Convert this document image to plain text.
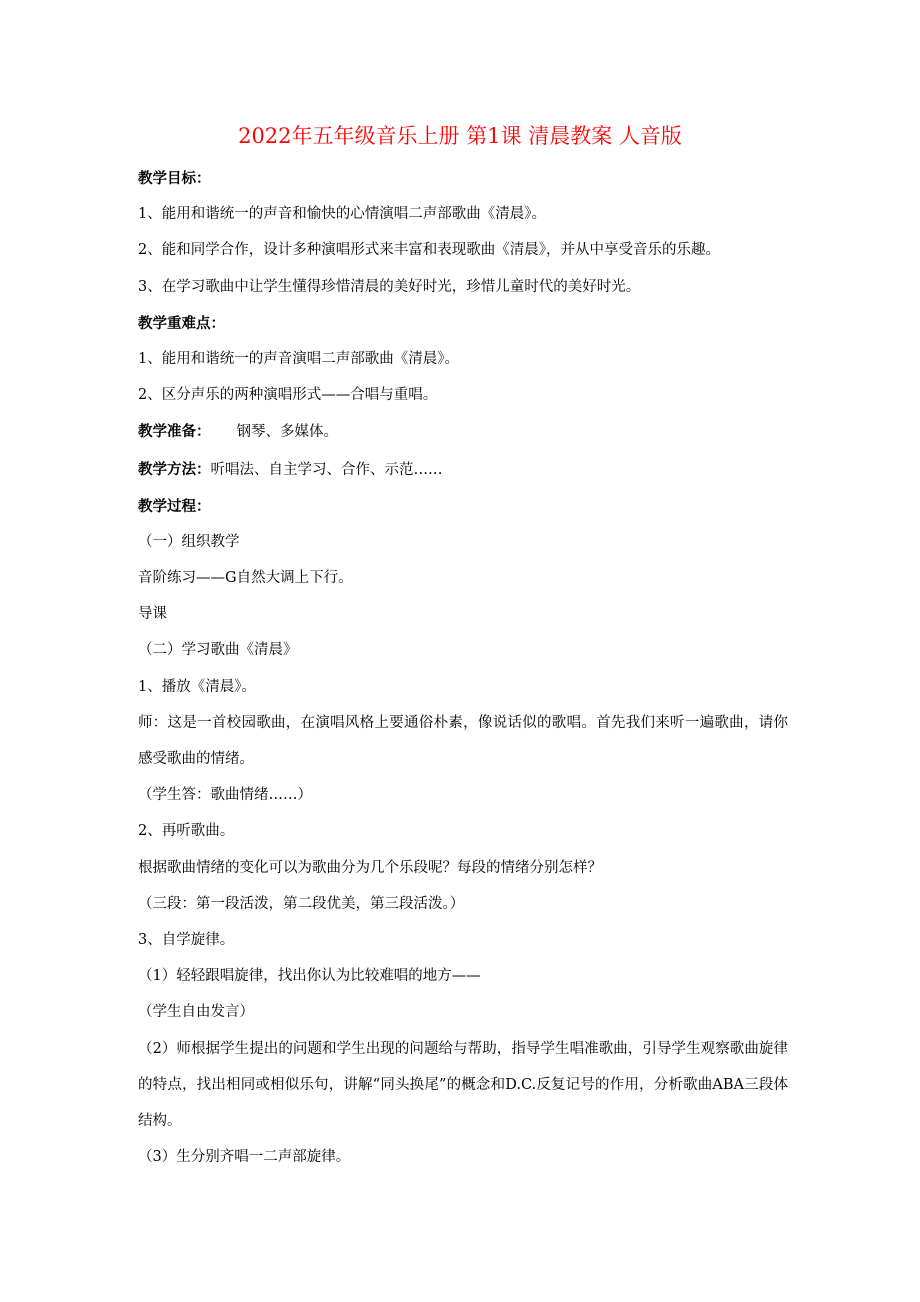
2022年五年级音乐上册 第1课 清晨教案 人音版
教学目标：
1、能用和谐统一的声音和愉快的心情演唱二声部歌曲《清晨》。
2、能和同学合作，设计多种演唱形式来丰富和表现歌曲《清晨》，并从中享受音乐的乐趣。
3、在学习歌曲中让学生懂得珍惜清晨的美好时光，珍惜儿童时代的美好时光。
教学重难点：
1、能用和谐统一的声音演唱二声部歌曲《清晨》。
2、区分声乐的两种演唱形式——合唱与重唱。
教学准备： 钢琴、多媒体。
教学方法：听唱法、自主学习、合作、示范……
教学过程：
（一）组织教学
音阶练习——G自然大调上下行。
导课
（二）学习歌曲《清晨》
1、播放《清晨》。
师：这是一首校园歌曲，在演唱风格上要通俗朴素，像说话似的歌唱。首先我们来听一遍歌曲，请你感受歌曲的情绪。
（学生答：歌曲情绪……）
2、再听歌曲。
根据歌曲情绪的变化可以为歌曲分为几个乐段呢？每段的情绪分别怎样？
（三段：第一段活泼，第二段优美，第三段活泼。）
3、自学旋律。
（1）轻轻跟唱旋律，找出你认为比较难唱的地方——
（学生自由发言）
（2）师根据学生提出的问题和学生出现的问题给与帮助，指导学生唱准歌曲，引导学生观察歌曲旋律的特点，找出相同或相似乐句，讲解“同头换尾”的概念和D.C.反复记号的作用，分析歌曲ABA三段体结构。
（3）生分别齐唱一二声部旋律。
